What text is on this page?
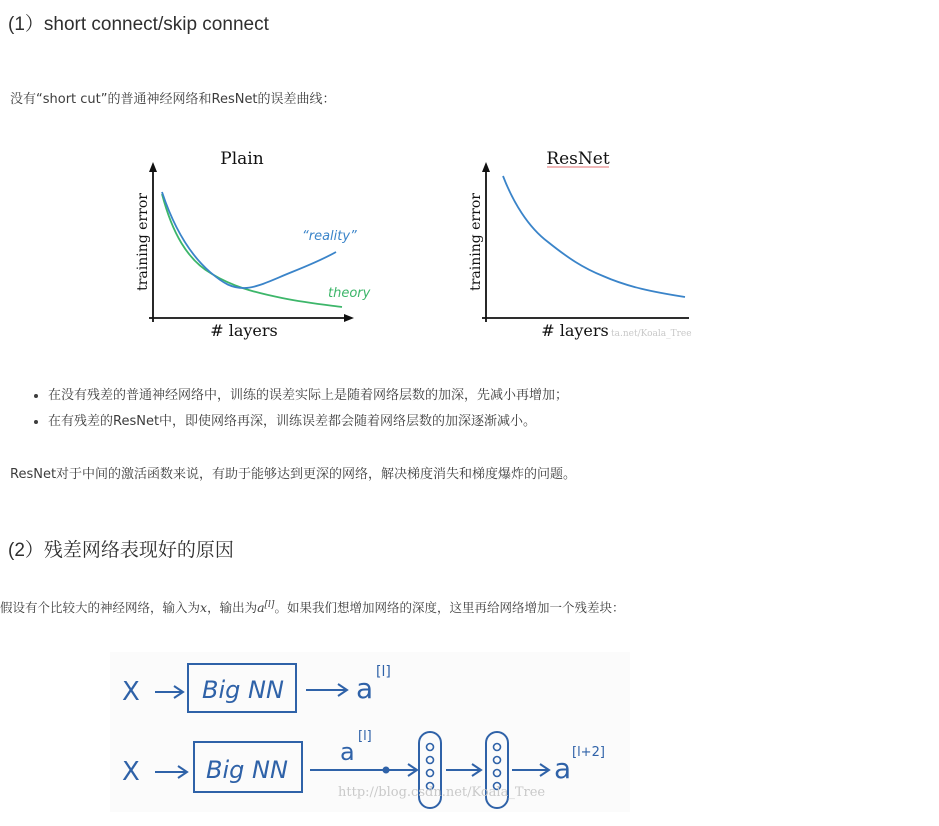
(1）short connect/skip connect
没有“short cut”的普通神经网络和ResNet的误差曲线：
Plain
training error	“reality”
theory
# layers
ResNet
training error
# layers ta.net/Koala_Tree
• 在没有残差的普通神经网络中，训练的误差实际上是随着网络层数的加深，先减小再增加；
• 在有残差的ResNet中，即使网络再深，训练误差都会随着网络层数的加深逐渐减小。
ResNet对于中间的激活函数来说，有助于能够达到更深的网络，解决梯度消失和梯度爆炸的问题。
(2）残差网络表现好的原因
假设有个比较大的神经网络，输入为x，输出为a[l]。如果我们想增加网络的深度，这里再给网络增加一个残差块：
X	Big NN	a [l]
X	Big NN
a
[l]
a [l+2]
http://blog.csdn.net/Koala_Tree
